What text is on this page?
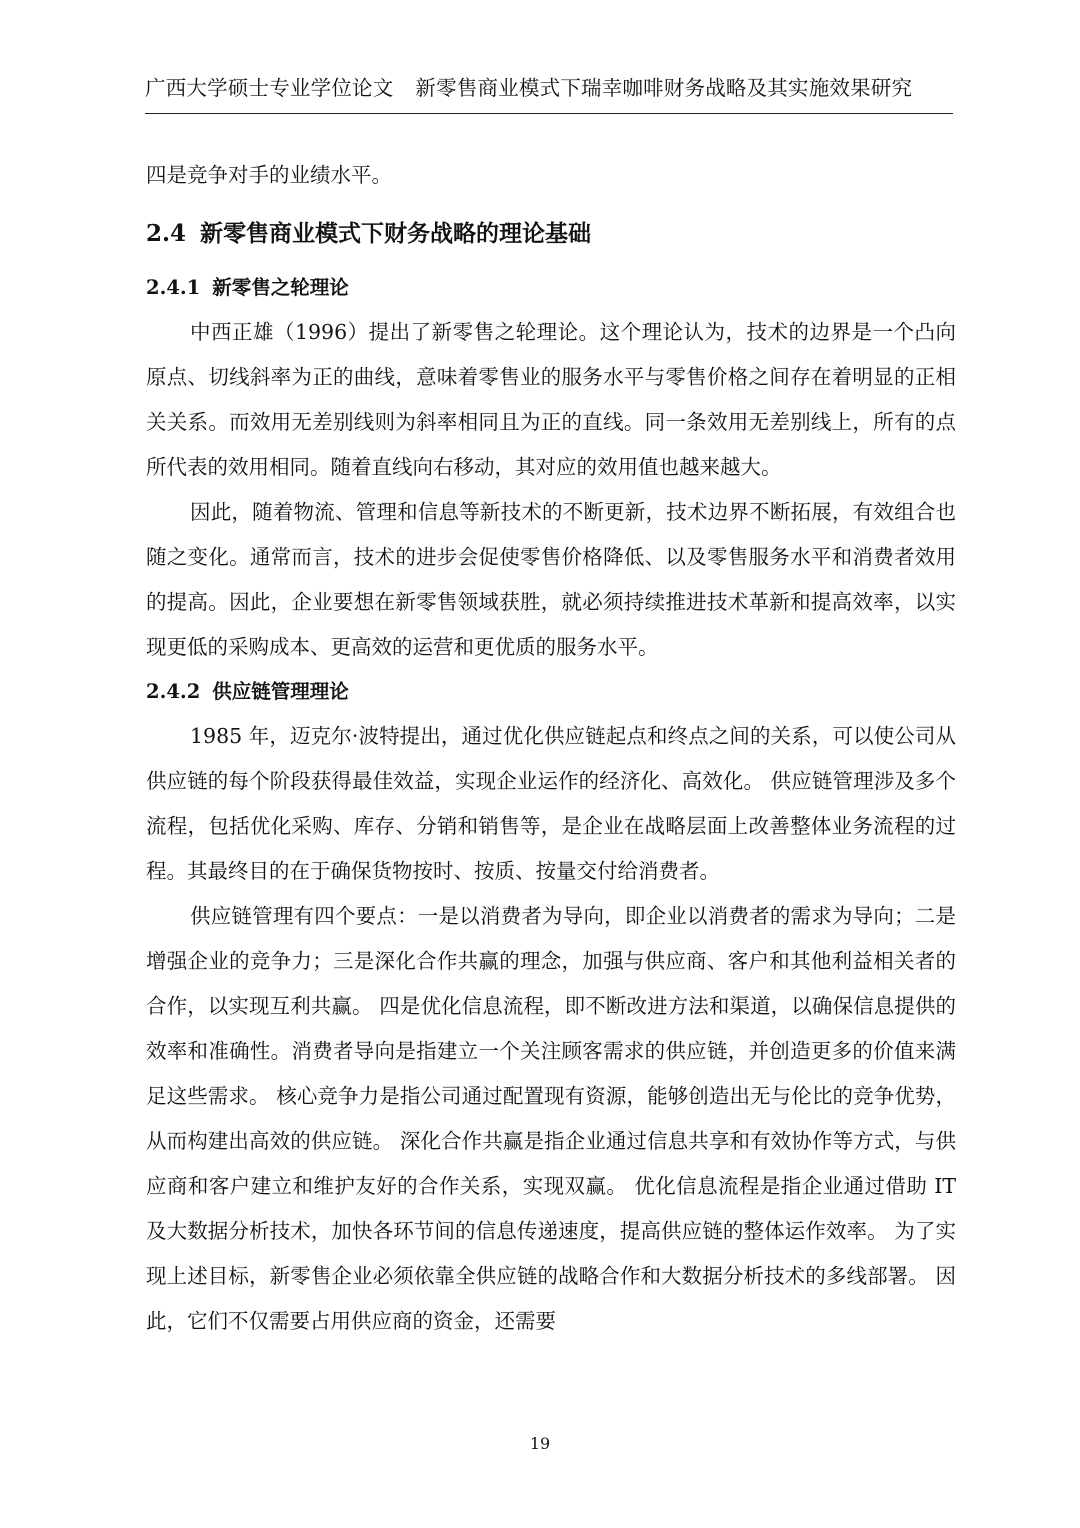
广西大学硕士专业学位论文 新零售商业模式下瑞幸咖啡财务战略及其实施效果研究

四是竞争对手的业绩水平。

2.4 新零售商业模式下财务战略的理论基础
2.4.1 新零售之轮理论

中西正雄（1996）提出了新零售之轮理论。这个理论认为，技术的边界是一个凸向原点、切线斜率为正的曲线，意味着零售业的服务水平与零售价格之间存在着明显的正相关关系。而效用无差别线则为斜率相同且为正的直线。同一条效用无差别线上，所有的点所代表的效用相同。随着直线向右移动，其对应的效用值也越来越大。

因此，随着物流、管理和信息等新技术的不断更新，技术边界不断拓展，有效组合也随之变化。通常而言，技术的进步会促使零售价格降低、以及零售服务水平和消费者效用的提高。因此，企业要想在新零售领域获胜，就必须持续推进技术革新和提高效率，以实现更低的采购成本、更高效的运营和更优质的服务水平。

2.4.2 供应链管理理论

1985 年，迈克尔·波特提出，通过优化供应链起点和终点之间的关系，可以使公司从供应链的每个阶段获得最佳效益，实现企业运作的经济化、高效化。 供应链管理涉及多个流程，包括优化采购、库存、分销和销售等，是企业在战略层面上改善整体业务流程的过程。其最终目的在于确保货物按时、按质、按量交付给消费者。

供应链管理有四个要点：一是以消费者为导向，即企业以消费者的需求为导向；二是增强企业的竞争力；三是深化合作共赢的理念，加强与供应商、客户和其他利益相关者的合作，以实现互利共赢。 四是优化信息流程，即不断改进方法和渠道，以确保信息提供的效率和准确性。消费者导向是指建立一个关注顾客需求的供应链，并创造更多的价值来满足这些需求。 核心竞争力是指公司通过配置现有资源，能够创造出无与伦比的竞争优势，从而构建出高效的供应链。 深化合作共赢是指企业通过信息共享和有效协作等方式，与供应商和客户建立和维护友好的合作关系，实现双赢。 优化信息流程是指企业通过借助 IT 及大数据分析技术，加快各环节间的信息传递速度，提高供应链的整体运作效率。 为了实现上述目标，新零售企业必须依靠全供应链的战略合作和大数据分析技术的多线部署。 因此，它们不仅需要占用供应商的资金，还需要

19
